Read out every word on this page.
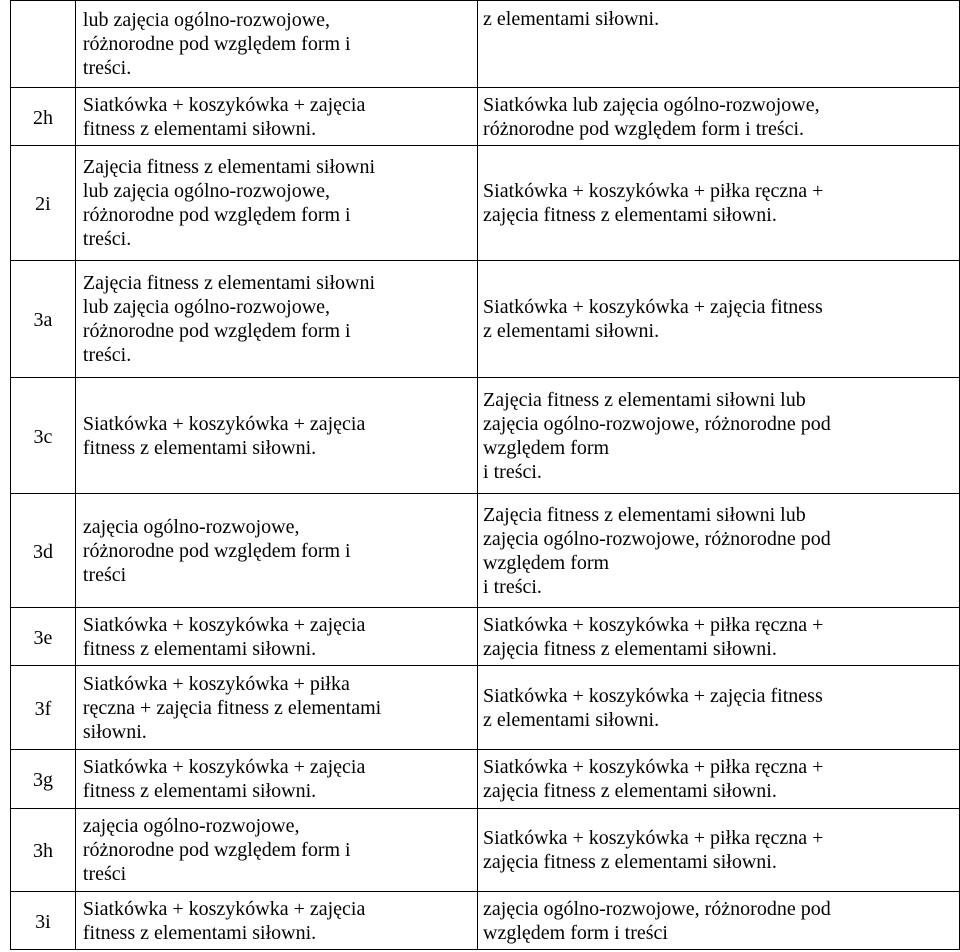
	lub zajęcia ogólno-rozwojowe,
różnorodne pod względem form i
treści.	z elementami siłowni.

2h	Siatkówka + koszykówka + zajęcia
fitness z elementami siłowni.	Siatkówka lub zajęcia ogólno-rozwojowe,
różnorodne pod względem form i treści.
2i	Zajęcia fitness z elementami siłowni
lub zajęcia ogólno-rozwojowe,
różnorodne pod względem form i
treści.	Siatkówka + koszykówka + piłka ręczna +
zajęcia fitness z elementami siłowni.
3a	Zajęcia fitness z elementami siłowni
lub zajęcia ogólno-rozwojowe,
różnorodne pod względem form i
treści.	Siatkówka + koszykówka + zajęcia fitness
z elementami siłowni.
3c	Siatkówka + koszykówka + zajęcia
fitness z elementami siłowni.	Zajęcia fitness z elementami siłowni lub
zajęcia ogólno-rozwojowe, różnorodne pod
względem form
i treści.
3d	zajęcia ogólno-rozwojowe,
różnorodne pod względem form i
treści	Zajęcia fitness z elementami siłowni lub
zajęcia ogólno-rozwojowe, różnorodne pod
względem form
i treści.
3e	Siatkówka + koszykówka + zajęcia
fitness z elementami siłowni.	Siatkówka + koszykówka + piłka ręczna +
zajęcia fitness z elementami siłowni.
3f	Siatkówka + koszykówka + piłka
ręczna + zajęcia fitness z elementami
siłowni.	Siatkówka + koszykówka + zajęcia fitness
z elementami siłowni.
3g	Siatkówka + koszykówka + zajęcia
fitness z elementami siłowni.	Siatkówka + koszykówka + piłka ręczna +
zajęcia fitness z elementami siłowni.
3h	zajęcia ogólno-rozwojowe,
różnorodne pod względem form i
treści	Siatkówka + koszykówka + piłka ręczna +
zajęcia fitness z elementami siłowni.
3i	Siatkówka + koszykówka + zajęcia
fitness z elementami siłowni.	zajęcia ogólno-rozwojowe, różnorodne pod
względem form i treści
